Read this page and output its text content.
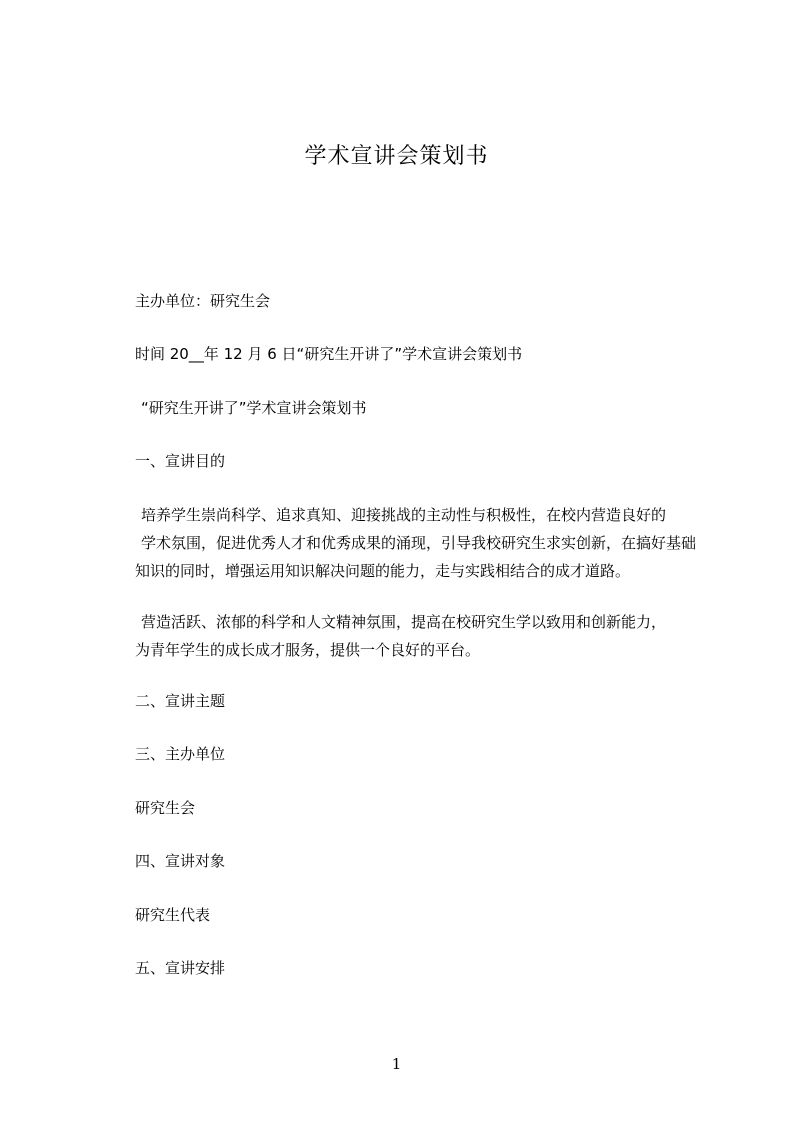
学术宣讲会策划书
主办单位：研究生会
时间 20__年 12 月 6 日“研究生开讲了”学术宣讲会策划书
“研究生开讲了”学术宣讲会策划书
一、宣讲目的
培养学生崇尚科学、追求真知、迎接挑战的主动性与积极性，在校内营造良好的
学术氛围，促进优秀人才和优秀成果的涌现，引导我校研究生求实创新，在搞好基础
知识的同时，增强运用知识解决问题的能力，走与实践相结合的成才道路。
营造活跃、浓郁的科学和人文精神氛围，提高在校研究生学以致用和创新能力，
为青年学生的成长成才服务，提供一个良好的平台。
二、宣讲主题
三、主办单位
研究生会
四、宣讲对象
研究生代表
五、宣讲安排
1
